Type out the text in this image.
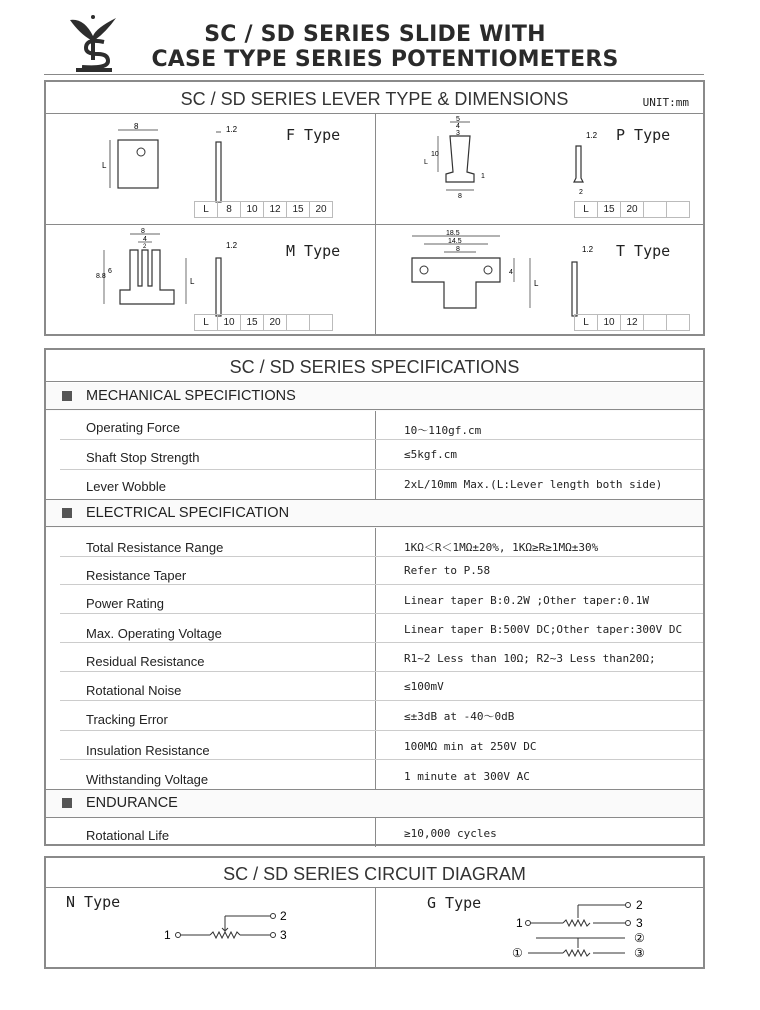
SC / SD SERIES SLIDE WITH
CASE TYPE SERIES POTENTIOMETERS
SC / SD SERIES LEVER TYPE & DIMENSIONS	UNIT:mm
8
L
1.2	F Type
L	8	10	12	15	20
5
4
3
10
L
1
8
1.2
2
P Type
L	15	20		
8
4
2
8.8
6
L
1.2	M Type
L	10	15	20		
18.5
14.5
8
4
L
1.2 T Type
L	10	12		
SC / SD SERIES SPECIFICATIONS
MECHANICAL SPECIFICTIONS
Operating Force	10～110gf.cm
Shaft Stop Strength	≤5kgf.cm
Lever Wobble	2xL/10mm Max.(L:Lever length both side)
ELECTRICAL SPECIFICATION
Total Resistance Range	1KΩ＜R＜1MΩ±20%, 1KΩ≥R≥1MΩ±30%
Resistance Taper	Refer to P.58
Power Rating	Linear taper B:0.2W ;Other taper:0.1W
Max. Operating Voltage	Linear taper B:500V DC;Other taper:300V DC
Residual Resistance	R1~2 Less than 10Ω; R2~3 Less than20Ω;
Rotational Noise	≤100mV
Tracking Error	≤±3dB at -40～0dB
Insulation Resistance	100MΩ min at 250V DC
Withstanding Voltage	1 minute at 300V AC
ENDURANCE
Rotational Life	≥10,000 cycles
SC / SD SERIES CIRCUIT DIAGRAM
N Type
1	3
2
G Type	2
1	3
②
①	③
